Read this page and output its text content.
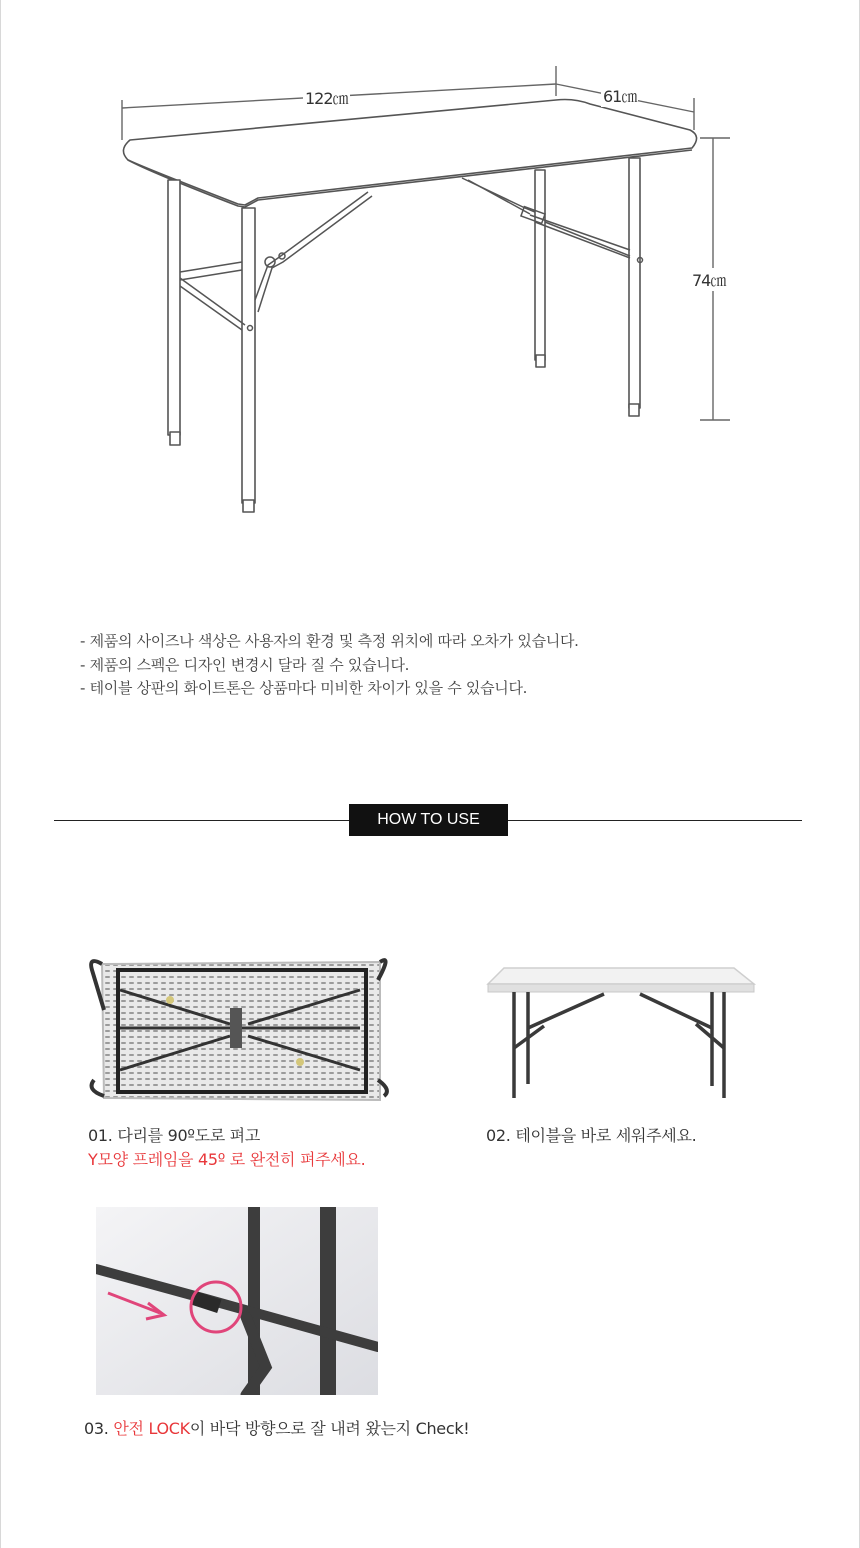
122㎝	61㎝
74㎝
- 제품의 사이즈나 색상은 사용자의 환경 및 측정 위치에 따라 오차가 있습니다.
- 제품의 스펙은 디자인 변경시 달라 질 수 있습니다.
- 테이블 상판의 화이트톤은 상품마다 미비한 차이가 있을 수 있습니다.
HOW TO USE
01. 다리를 90º도로 펴고
Y모양 프레임을 45º 로 완전히 펴주세요.
02. 테이블을 바로 세워주세요.
03. 안전 LOCK이 바닥 방향으로 잘 내려 왔는지 Check!
